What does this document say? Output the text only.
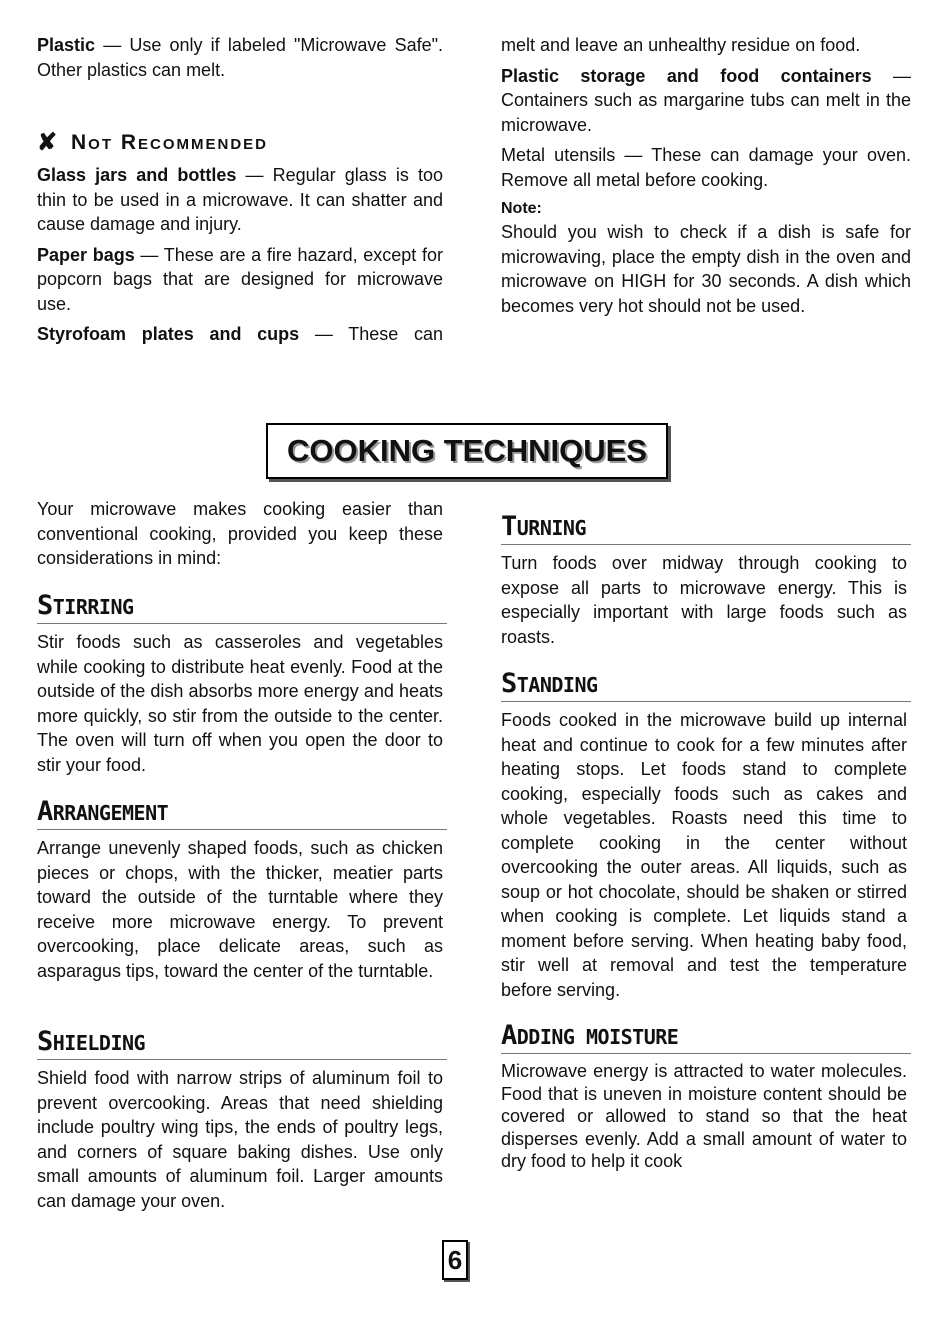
Plastic — Use only if labeled "Microwave Safe". Other plastics can melt.

✘ Not Recommended

Glass jars and bottles — Regular glass is too thin to be used in a microwave. It can shatter and cause damage and injury.

Paper bags — These are a fire hazard, except for popcorn bags that are designed for microwave use.

Styrofoam plates and cups — These can

melt and leave an unhealthy residue on food.

Plastic storage and food containers — Containers such as margarine tubs can melt in the microwave.

Metal utensils — These can damage your oven. Remove all metal before cooking.

Note:

Should you wish to check if a dish is safe for microwaving, place the empty dish in the oven and microwave on HIGH for 30 seconds. A dish which becomes very hot should not be used.

COOKING TECHNIQUES

Your microwave makes cooking easier than conventional cooking, provided you keep these considerations in mind:

STIRRING

Stir foods such as casseroles and vegetables while cooking to distribute heat evenly. Food at the outside of the dish absorbs more energy and heats more quickly, so stir from the outside to the center. The oven will turn off when you open the door to stir your food.

ARRANGEMENT

Arrange unevenly shaped foods, such as chicken pieces or chops, with the thicker, meatier parts toward the outside of the turntable where they receive more microwave energy. To prevent overcooking, place delicate areas, such as asparagus tips, toward the center of the turntable.

SHIELDING

Shield food with narrow strips of aluminum foil to prevent overcooking. Areas that need shielding include poultry wing tips, the ends of poultry legs, and corners of square baking dishes. Use only small amounts of aluminum foil. Larger amounts can damage your oven.

TURNING

Turn foods over midway through cooking to expose all parts to microwave energy. This is especially important with large foods such as roasts.

STANDING

Foods cooked in the microwave build up internal heat and continue to cook for a few minutes after heating stops. Let foods stand to complete cooking, especially foods such as cakes and whole vegetables. Roasts need this time to complete cooking in the center without overcooking the outer areas. All liquids, such as soup or hot chocolate, should be shaken or stirred when cooking is complete. Let liquids stand a moment before serving. When heating baby food, stir well at removal and test the temperature before serving.

ADDING MOISTURE

Microwave energy is attracted to water molecules. Food that is uneven in moisture content should be covered or allowed to stand so that the heat disperses evenly. Add a small amount of water to dry food to help it cook

6
